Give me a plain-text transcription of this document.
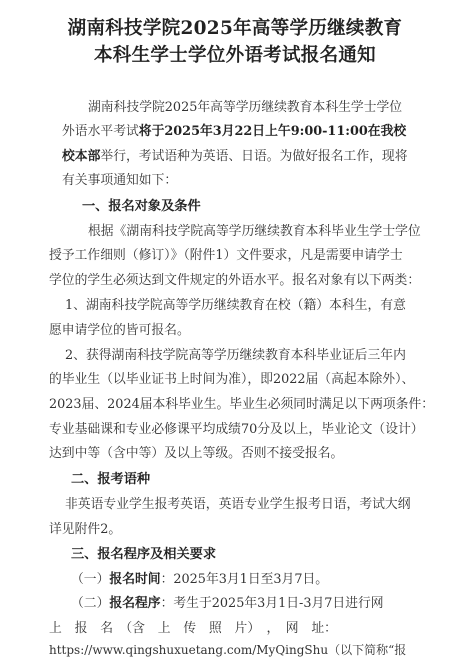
湖南科技学院2025年高等学历继续教育
本科生学士学位外语考试报名通知
湖南科技学院2025年高等学历继续教育本科生学士学位
外语水平考试将于2025年3月22日上午9:00-11:00在我校
校本部举行，考试语种为英语、日语。为做好报名工作，现将
有关事项通知如下：
一、报名对象及条件
根据《湖南科技学院高等学历继续教育本科毕业生学士学位
授予工作细则（修订）》（附件1）文件要求，凡是需要申请学士
学位的学生必须达到文件规定的外语水平。报名对象有以下两类：
1、湖南科技学院高等学历继续教育在校（籍）本科生，有意
愿申请学位的皆可报名。
2、获得湖南科技学院高等学历继续教育本科毕业证后三年内
的毕业生（以毕业证书上时间为准），即2022届（高起本除外）、
2023届、2024届本科毕业生。毕业生必须同时满足以下两项条件：
专业基础课和专业必修课平均成绩70分及以上，毕业论文（设计）
达到中等（含中等）及以上等级。否则不接受报名。
二、报考语种
非英语专业学生报考英语，英语专业学生报考日语，考试大纲
详见附件2。
三、报名程序及相关要求
（一）报名时间：2025年3月1日至3月7日。
（二）报名程序：考生于2025年3月1日-3月7日进行网
上　报　名　（含　上　传　照　片）　，　网　址：
https://www.qingshuxuetang.com/MyQingShu（以下简称“报
